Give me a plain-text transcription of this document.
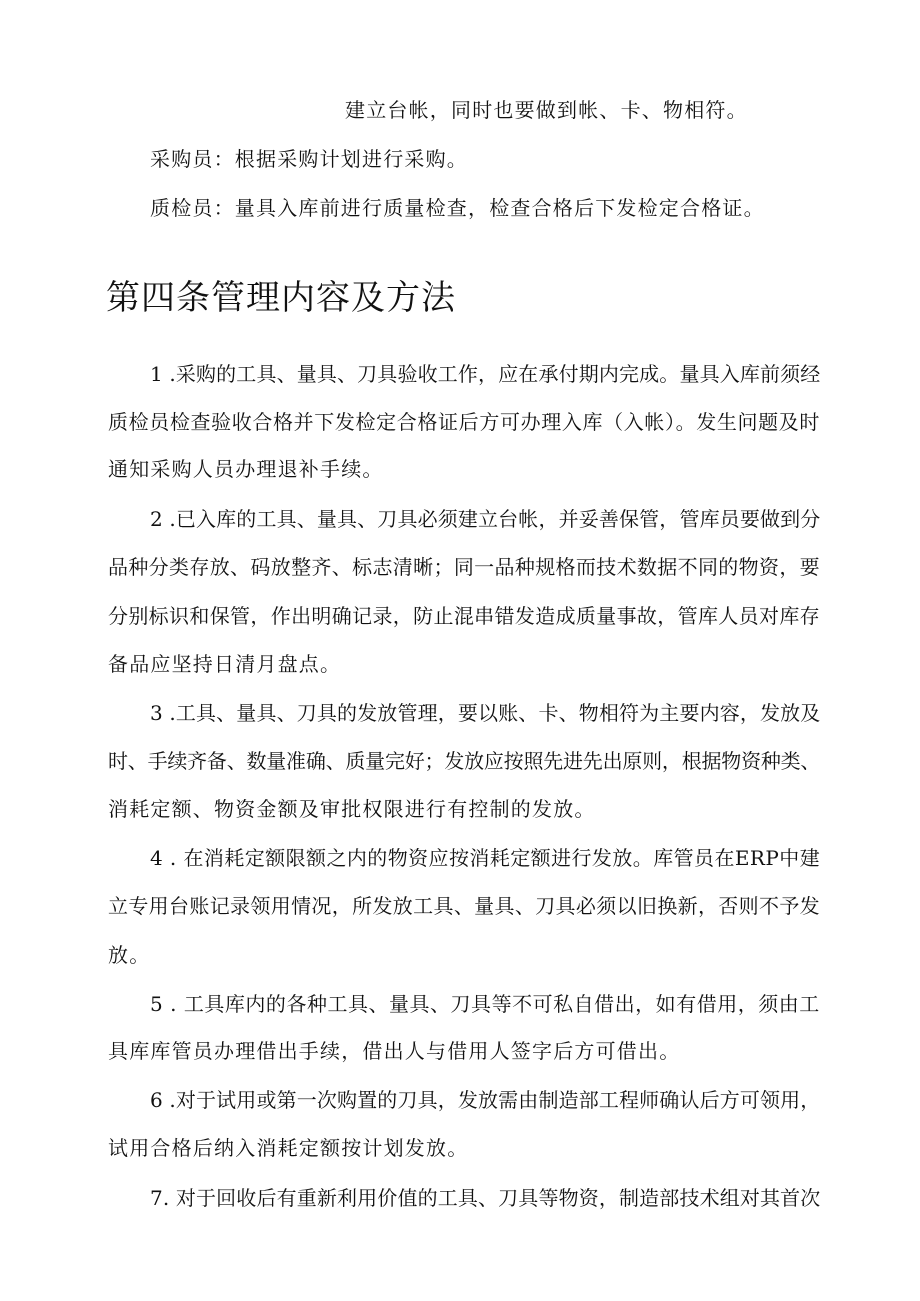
建立台帐，同时也要做到帐、卡、物相符。
采购员：根据采购计划进行采购。
质检员：量具入库前进行质量检查，检查合格后下发检定合格证。
第四条管理内容及方法
1 .采购的工具、量具、刀具验收工作，应在承付期内完成。量具入库前须经
质检员检查验收合格并下发检定合格证后方可办理入库（入帐）。发生问题及时
通知采购人员办理退补手续。
2 .已入库的工具、量具、刀具必须建立台帐，并妥善保管，管库员要做到分
品种分类存放、码放整齐、标志清晰；同一品种规格而技术数据不同的物资，要
分别标识和保管，作出明确记录，防止混串错发造成质量事故，管库人员对库存
备品应坚持日清月盘点。
3 .工具、量具、刀具的发放管理，要以账、卡、物相符为主要内容，发放及
时、手续齐备、数量准确、质量完好；发放应按照先进先出原则，根据物资种类、
消耗定额、物资金额及审批权限进行有控制的发放。
4 . 在消耗定额限额之内的物资应按消耗定额进行发放。库管员在ERP中建
立专用台账记录领用情况，所发放工具、量具、刀具必须以旧换新，否则不予发
放。
5 . 工具库内的各种工具、量具、刀具等不可私自借出，如有借用，须由工
具库库管员办理借出手续，借出人与借用人签字后方可借出。
6 .对于试用或第一次购置的刀具，发放需由制造部工程师确认后方可领用，
试用合格后纳入消耗定额按计划发放。
7. 对于回收后有重新利用价值的工具、刀具等物资，制造部技术组对其首次
